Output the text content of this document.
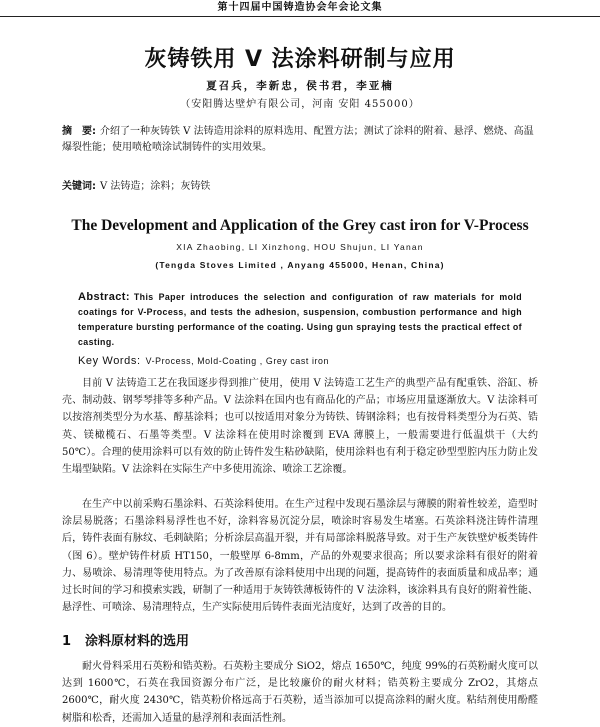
第十四届中国铸造协会年会论文集
灰铸铁用 V 法涂料研制与应用
夏召兵，李新忠，侯书君，李亚楠
（安阳腾达壁炉有限公司，河南 安阳 455000）
摘　要: 介绍了一种灰铸铁 V 法铸造用涂料的原料选用、配置方法；测试了涂料的附着、悬浮、燃烧、高温爆裂性能；使用喷枪喷涂试制铸件的实用效果。
关键词: V 法铸造；涂料；灰铸铁
The Development and Application of the Grey cast iron for V-Process
XIA Zhaobing, LI Xinzhong, HOU Shujun, LI Yanan
(Tengda Stoves Limited , Anyang 455000, Henan, China)
Abstract: This Paper introduces the selection and configuration of raw materials for mold coatings for V-Process, and tests the adhesion, suspension, combustion performance and high temperature bursting performance of the coating. Using gun spraying tests the practical effect of casting.
Key Words: V-Process, Mold-Coating , Grey cast iron

目前 V 法铸造工艺在我国逐步得到推广使用，使用 V 法铸造工艺生产的典型产品有配重铁、浴缸、桥壳、制动鼓、钢琴琴排等多种产品。V 法涂料在国内也有商品化的产品；市场应用量逐渐放大。V 法涂料可以按溶剂类型分为水基、醇基涂料；也可以按适用对象分为铸铁、铸钢涂料；也有按骨料类型分为石英、锆英、镁橄榄石、石墨等类型。V 法涂料在使用时涂覆到 EVA 薄膜上，一般需要进行低温烘干（大约 50℃）。合理的使用涂料可以有效的防止铸件发生粘砂缺陷，使用涂料也有利于稳定砂型型腔内压力防止发生塌型缺陷。V 法涂料在实际生产中多使用流涂、喷涂工艺涂覆。

在生产中以前采购石墨涂料、石英涂料使用。在生产过程中发现石墨涂层与薄膜的附着性较差，造型时涂层易脱落；石墨涂料易浮性也不好，涂料容易沉淀分层，喷涂时容易发生堵塞。石英涂料浇注铸件清理后，铸件表面有脉纹、毛刺缺陷；分析涂层高温开裂，并有局部涂料脱落导致。对于生产灰铁壁炉板类铸件（图 6）。壁炉铸件材质 HT150，一般壁厚 6-8mm，产品的外观要求很高；所以要求涂料有很好的附着力、易喷涂、易清理等使用特点。为了改善原有涂料使用中出现的问题，提高铸件的表面质量和成品率；通过长时间的学习和摸索实践，研制了一种适用于灰铸铁薄板铸件的 V 法涂料，该涂料具有良好的附着性能、悬浮性、可喷涂、易清理特点，生产实际使用后铸件表面光洁度好，达到了改善的目的。

1 涂料原材料的选用

耐火骨料采用石英粉和锆英粉。石英粉主要成分 SiO2，熔点 1650℃，纯度 99%的石英粉耐火度可以达到 1600℃，石英在我国资源分布广泛，是比较廉价的耐火材料；锆英粉主要成分 ZrO2，其熔点 2600℃，耐火度 2430℃，锆英粉价格远高于石英粉，适当添加可以提高涂料的耐火度。粘结剂使用酚醛树脂和松香，还需加入适量的悬浮剂和表面活性剂。
